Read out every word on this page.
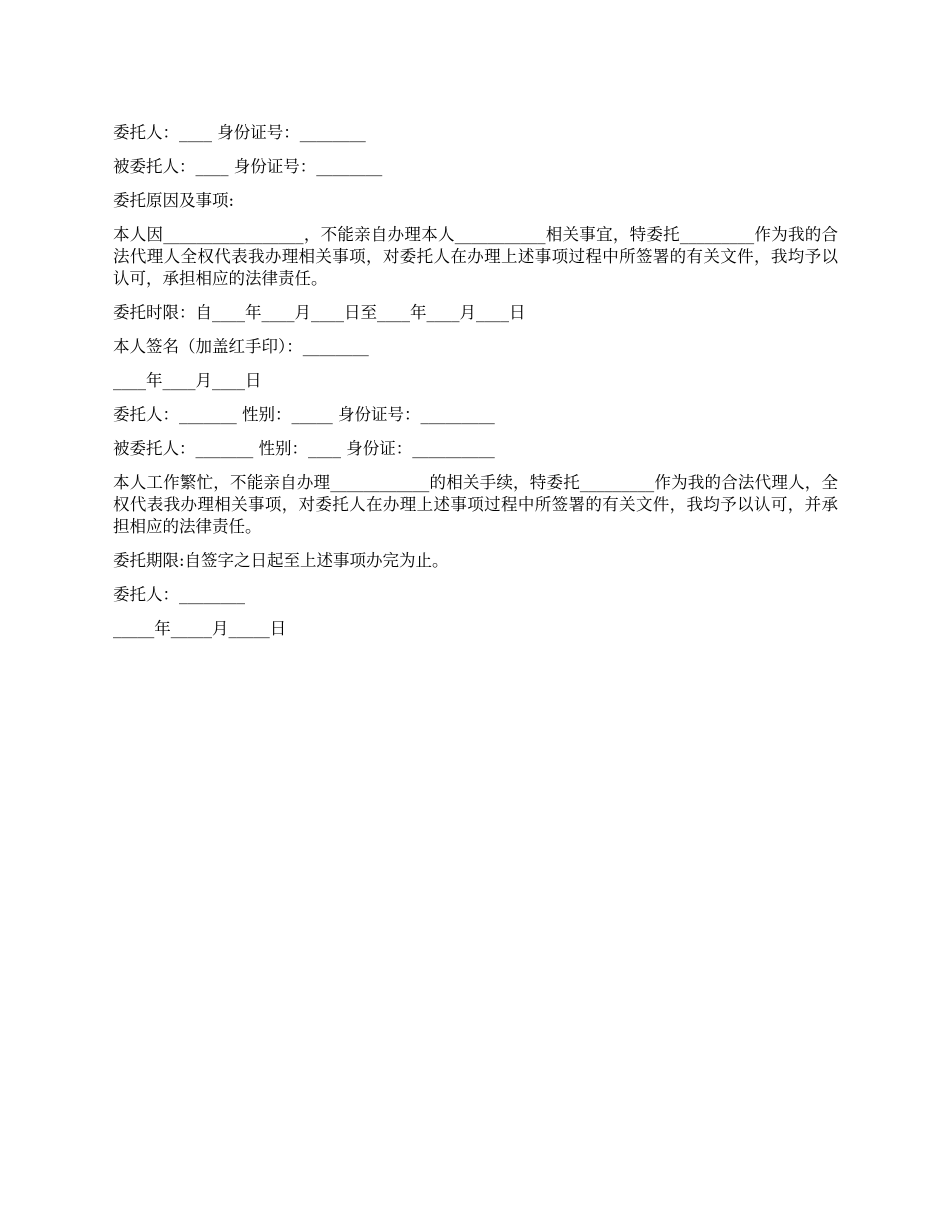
委托人：____ 身份证号：________
被委托人：____ 身份证号：________
委托原因及事项:
本人因_________________，不能亲自办理本人___________相关事宜，特委托_________作为我的合法代理人全权代表我办理相关事项，对委托人在办理上述事项过程中所签署的有关文件，我均予以认可，承担相应的法律责任。
委托时限：自____年____月____日至____年____月____日
本人签名（加盖红手印）：________
____年____月____日
委托人：_______ 性别：_____ 身份证号：_________
被委托人：_______ 性别：____ 身份证：__________
本人工作繁忙，不能亲自办理____________的相关手续，特委托_________作为我的合法代理人，全权代表我办理相关事项，对委托人在办理上述事项过程中所签署的有关文件，我均予以认可，并承担相应的法律责任。
委托期限:自签字之日起至上述事项办完为止。
委托人：________
_____年_____月_____日
